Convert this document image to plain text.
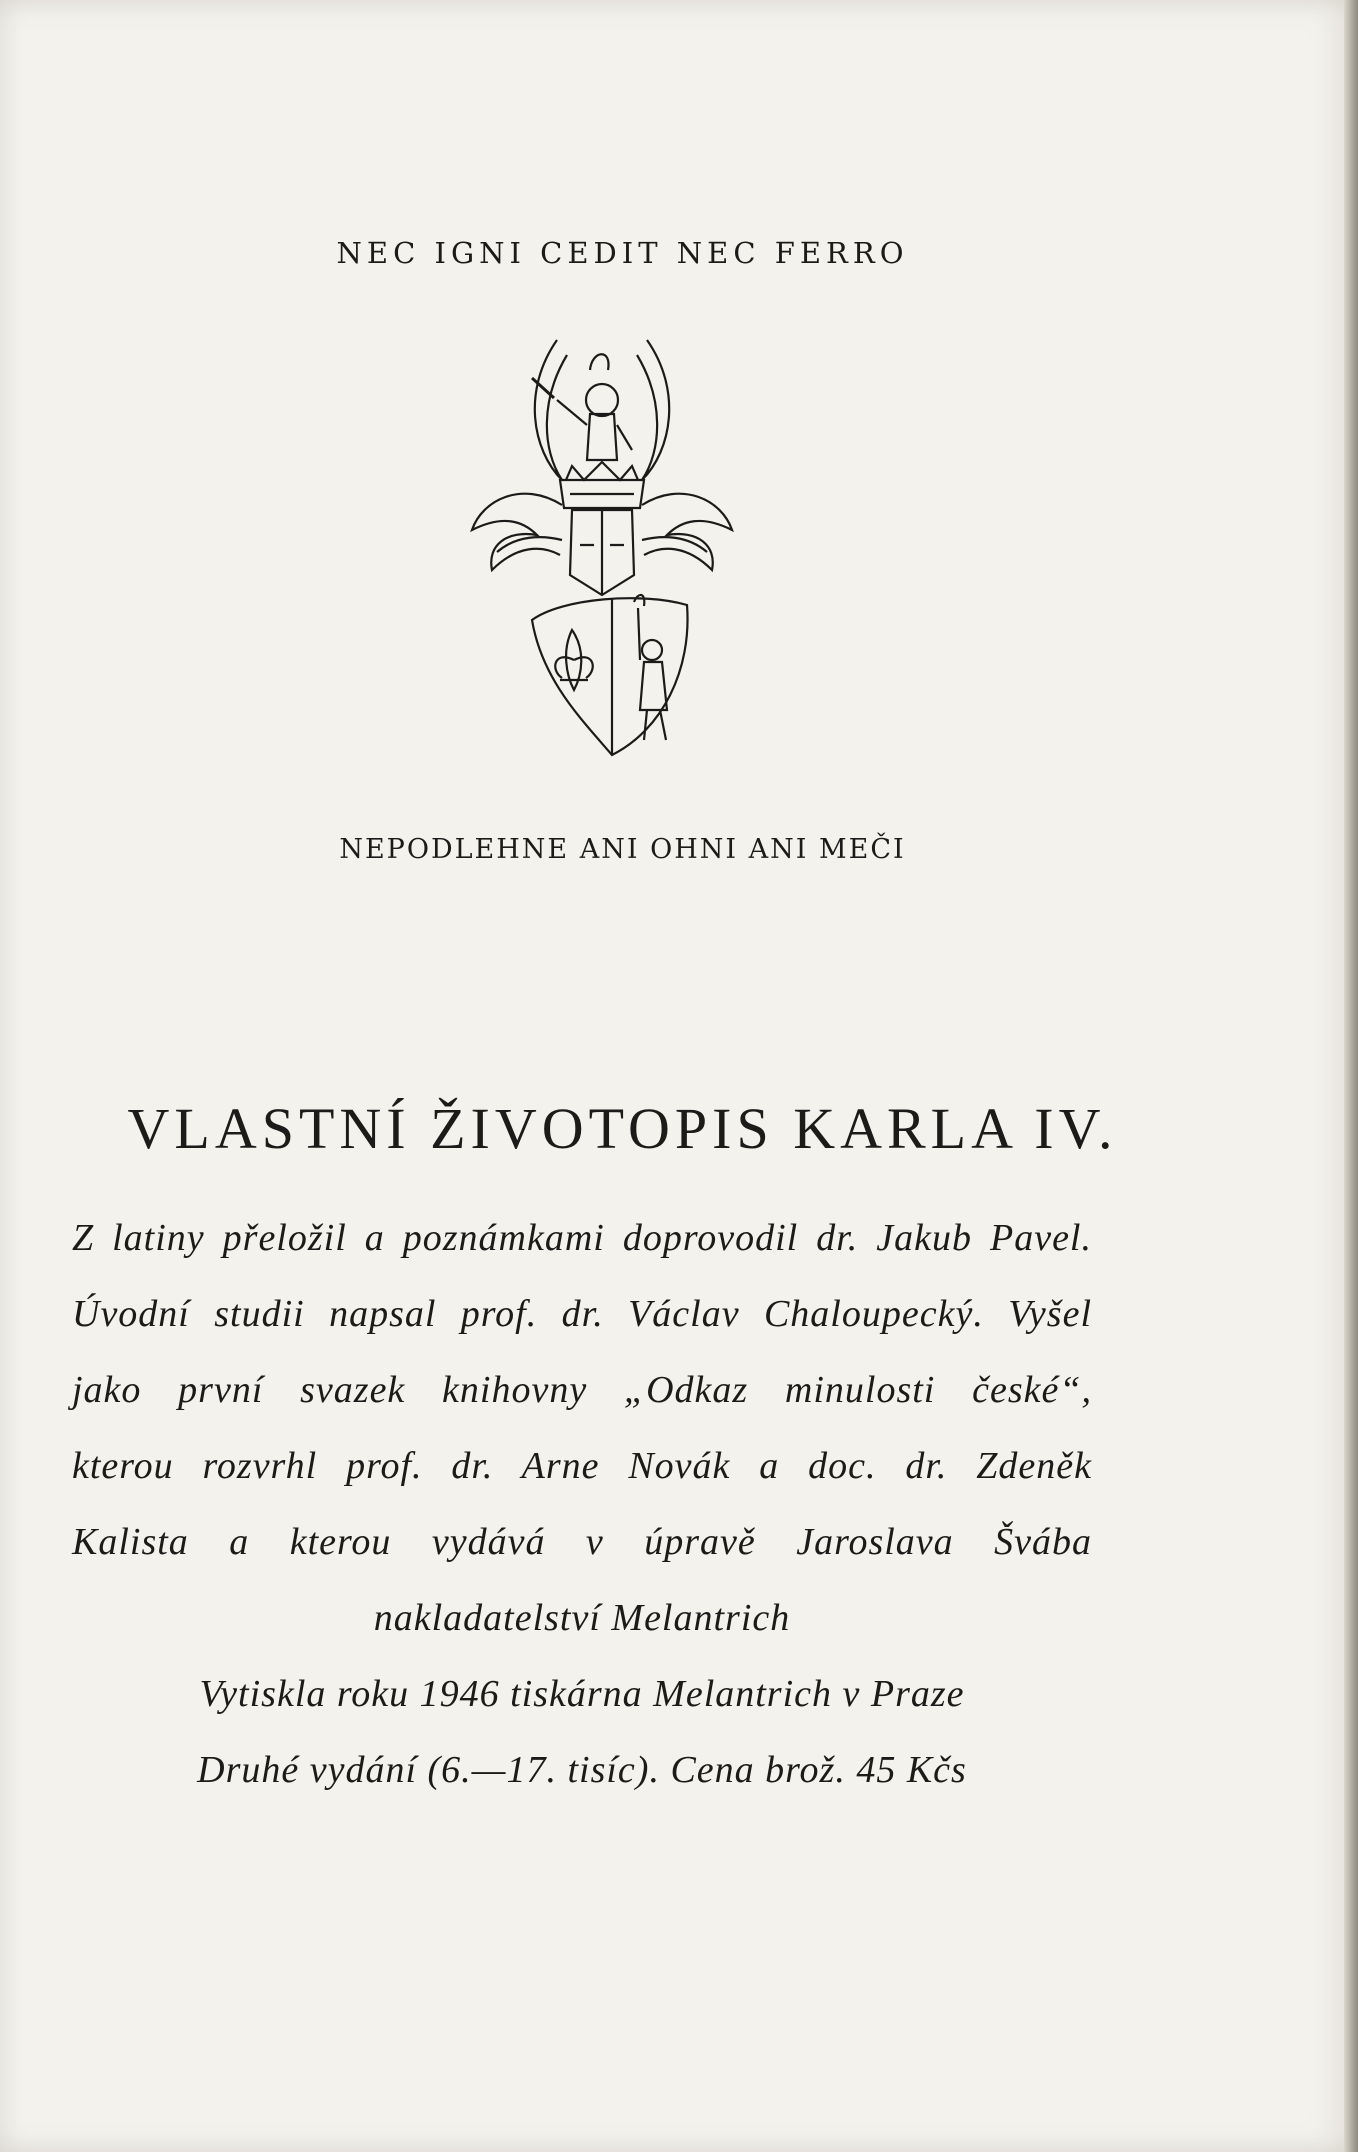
NEC IGNI CEDIT NEC FERRO
NEPODLEHNE ANI OHNI ANI MEČI
VLASTNÍ ŽIVOTOPIS KARLA IV.
Z latiny přeložil a poznámkami doprovodil dr. Jakub Pavel.
Úvodní studii napsal prof. dr. Václav Chaloupecký. Vyšel
jako první svazek knihovny „Odkaz minulosti české“,
kterou rozvrhl prof. dr. Arne Novák a doc. dr. Zdeněk
Kalista a kterou vydává v úpravě Jaroslava Švába
nakladatelství Melantrich
Vytiskla roku 1946 tiskárna Melantrich v Praze
Druhé vydání (6.—17. tisíc). Cena brož. 45 Kčs
